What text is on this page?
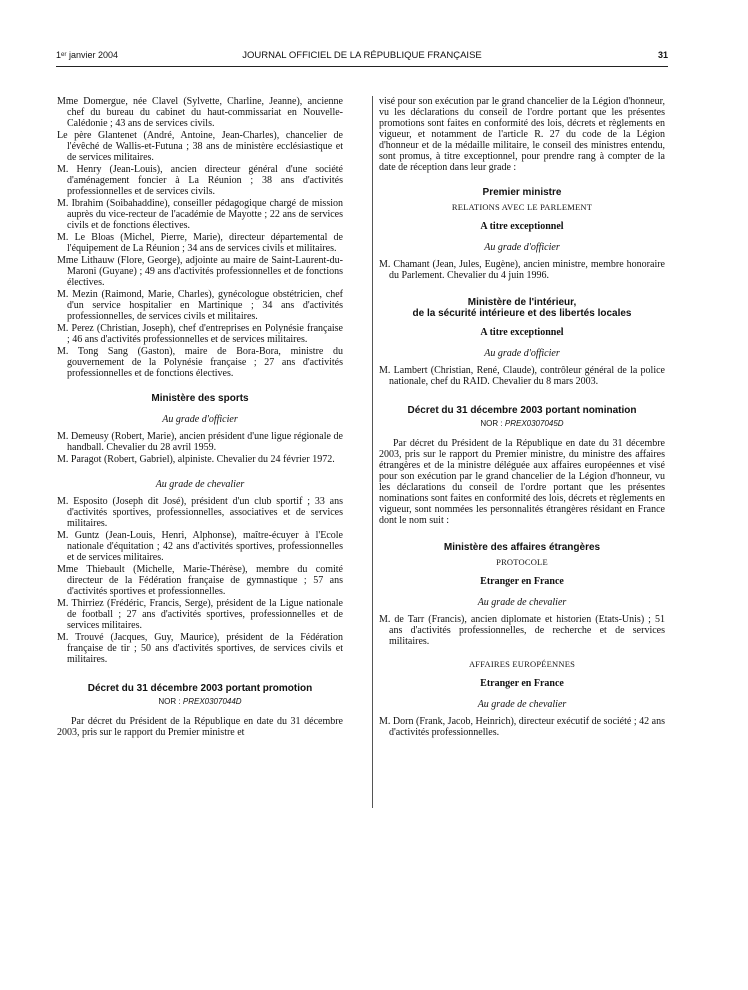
1ᵉʳ janvier 2004	JOURNAL OFFICIEL DE LA RÉPUBLIQUE FRANÇAISE	31

Mme Domergue, née Clavel (Sylvette, Charline, Jeanne), ancienne chef du bureau du cabinet du haut-commissariat en Nouvelle-Calédonie ; 43 ans de services civils.

Le père Glantenet (André, Antoine, Jean-Charles), chancelier de l'évêché de Wallis-et-Futuna ; 38 ans de ministère ecclésiastique et de services militaires.

M. Henry (Jean-Louis), ancien directeur général d'une société d'aménagement foncier à La Réunion ; 38 ans d'activités professionnelles et de services civils.

M. Ibrahim (Soibahaddine), conseiller pédagogique chargé de mission auprès du vice-recteur de l'académie de Mayotte ; 22 ans de services civils et de fonctions électives.

M. Le Bloas (Michel, Pierre, Marie), directeur départemental de l'équipement de La Réunion ; 34 ans de services civils et militaires.

Mme Lithauw (Flore, George), adjointe au maire de Saint-Laurent-du-Maroni (Guyane) ; 49 ans d'activités professionnelles et de fonctions électives.

M. Mezin (Raimond, Marie, Charles), gynécologue obstétricien, chef d'un service hospitalier en Martinique ; 34 ans d'activités professionnelles, de services civils et militaires.

M. Perez (Christian, Joseph), chef d'entreprises en Polynésie française ; 46 ans d'activités professionnelles et de services militaires.

M. Tong Sang (Gaston), maire de Bora-Bora, ministre du gouvernement de la Polynésie française ; 27 ans d'activités professionnelles et de fonctions électives.

Ministère des sports
Au grade d'officier

M. Demeusy (Robert, Marie), ancien président d'une ligue régionale de handball. Chevalier du 28 avril 1959.

M. Paragot (Robert, Gabriel), alpiniste. Chevalier du 24 février 1972.

Au grade de chevalier

M. Esposito (Joseph dit José), président d'un club sportif ; 33 ans d'activités sportives, professionnelles, associatives et de services militaires.

M. Guntz (Jean-Louis, Henri, Alphonse), maître-écuyer à l'Ecole nationale d'équitation ; 42 ans d'activités sportives, professionnelles et de services militaires.

Mme Thiebault (Michelle, Marie-Thérèse), membre du comité directeur de la Fédération française de gymnastique ; 57 ans d'activités sportives et professionnelles.

M. Thirriez (Frédéric, Francis, Serge), président de la Ligue nationale de football ; 27 ans d'activités sportives, professionnelles et de services militaires.

M. Trouvé (Jacques, Guy, Maurice), président de la Fédération française de tir ; 50 ans d'activités sportives, de services civils et militaires.

Décret du 31 décembre 2003 portant promotion
NOR : PREX0307044D

Par décret du Président de la République en date du 31 décembre 2003, pris sur le rapport du Premier ministre et

visé pour son exécution par le grand chancelier de la Légion d'honneur, vu les déclarations du conseil de l'ordre portant que les présentes promotions sont faites en conformité des lois, décrets et règlements en vigueur, et notamment de l'article R. 27 du code de la Légion d'honneur et de la médaille militaire, le conseil des ministres entendu, sont promus, à titre exceptionnel, pour prendre rang à compter de la date de réception dans leur grade :

Premier ministre
RELATIONS AVEC LE PARLEMENT
A titre exceptionnel
Au grade d'officier

M. Chamant (Jean, Jules, Eugène), ancien ministre, membre honoraire du Parlement. Chevalier du 4 juin 1996.

Ministère de l'intérieur,
de la sécurité intérieure et des libertés locales
A titre exceptionnel
Au grade d'officier

M. Lambert (Christian, René, Claude), contrôleur général de la police nationale, chef du RAID. Chevalier du 8 mars 2003.

Décret du 31 décembre 2003 portant nomination
NOR : PREX0307045D

Par décret du Président de la République en date du 31 décembre 2003, pris sur le rapport du Premier ministre, du ministre des affaires étrangères et de la ministre déléguée aux affaires européennes et visé pour son exécution par le grand chancelier de la Légion d'honneur, vu les déclarations du conseil de l'ordre portant que les présentes nominations sont faites en conformité des lois, décrets et règlements en vigueur, sont nommées les personnalités étrangères résidant en France dont le nom suit :

Ministère des affaires étrangères
PROTOCOLE
Etranger en France
Au grade de chevalier

M. de Tarr (Francis), ancien diplomate et historien (Etats-Unis) ; 51 ans d'activités professionnelles, de recherche et de services militaires.

AFFAIRES EUROPÉENNES
Etranger en France
Au grade de chevalier

M. Dorn (Frank, Jacob, Heinrich), directeur exécutif de société ; 42 ans d'activités professionnelles.
